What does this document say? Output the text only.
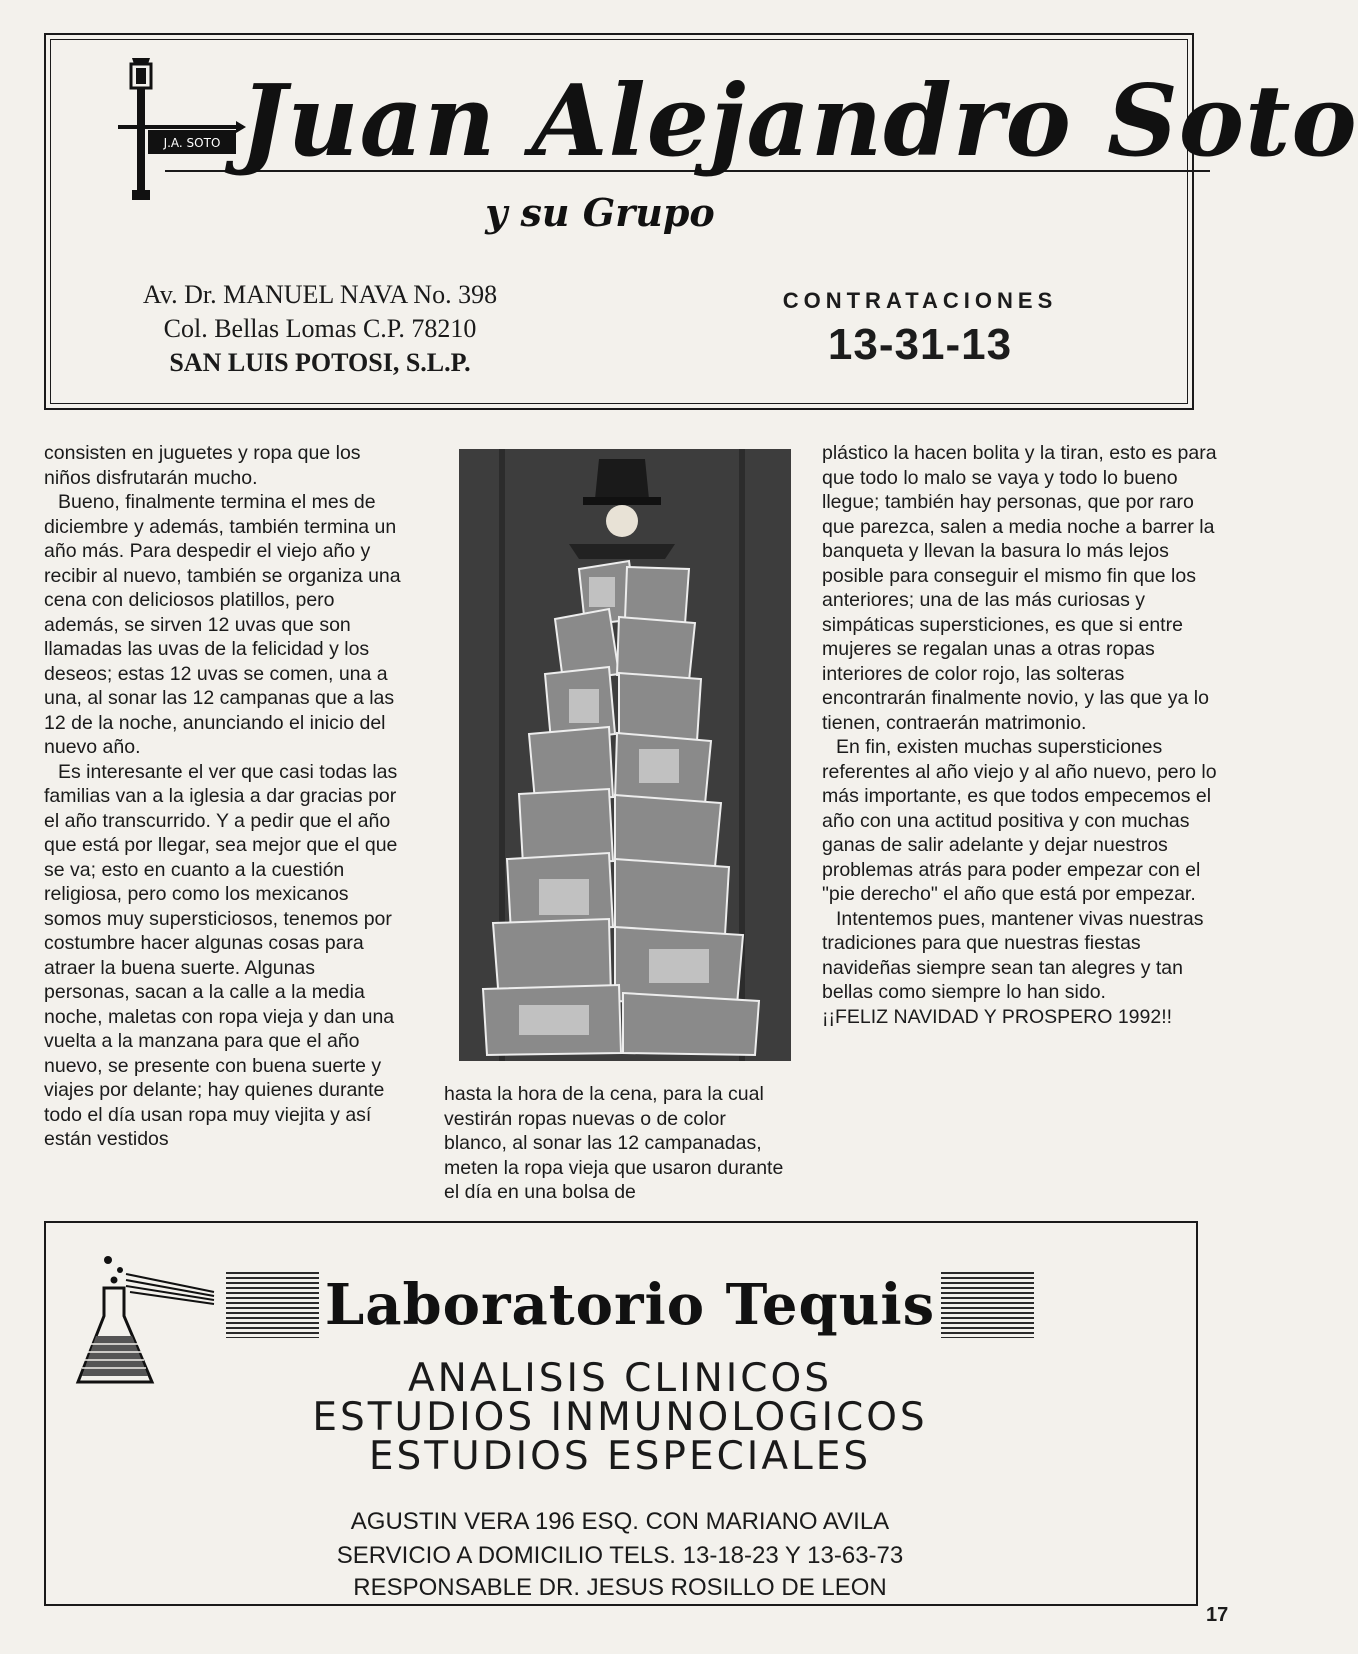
J.A. SOTO Juan Alejandro Soto
y su Grupo
Av. Dr. MANUEL NAVA No. 398
Col. Bellas Lomas C.P. 78210
SAN LUIS POTOSI, S.L.P.
CONTRATACIONES
13-31-13

consisten en juguetes y ropa que los niños disfrutarán mucho.

Bueno, finalmente termina el mes de diciembre y además, también termina un año más. Para despedir el viejo año y recibir al nuevo, también se organiza una cena con deliciosos platillos, pero además, se sirven 12 uvas que son llamadas las uvas de la felicidad y los deseos; estas 12 uvas se comen, una a una, al sonar las 12 campanas que a las 12 de la noche, anunciando el inicio del nuevo año.

Es interesante el ver que casi todas las familias van a la iglesia a dar gracias por el año transcurrido. Y a pedir que el año que está por llegar, sea mejor que el que se va; esto en cuanto a la cuestión religiosa, pero como los mexicanos somos muy supersticiosos, tenemos por costumbre hacer algunas cosas para atraer la buena suerte. Algunas personas, sacan a la calle a la media noche, maletas con ropa vieja y dan una vuelta a la manzana para que el año nuevo, se presente con buena suerte y viajes por delante; hay quienes durante todo el día usan ropa muy viejita y así están vestidos

hasta la hora de la cena, para la cual vestirán ropas nuevas o de color blanco, al sonar las 12 campanadas, meten la ropa vieja que usaron durante el día en una bolsa de

plástico la hacen bolita y la tiran, esto es para que todo lo malo se vaya y todo lo bueno llegue; también hay personas, que por raro que parezca, salen a media noche a barrer la banqueta y llevan la basura lo más lejos posible para conseguir el mismo fin que los anteriores; una de las más curiosas y simpáticas supersticiones, es que si entre mujeres se regalan unas a otras ropas interiores de color rojo, las solteras encontrarán finalmente novio, y las que ya lo tienen, contraerán matrimonio.

En fin, existen muchas supersticiones referentes al año viejo y al año nuevo, pero lo más importante, es que todos empecemos el año con una actitud positiva y con muchas ganas de salir adelante y dejar nuestros problemas atrás para poder empezar con el "pie derecho" el año que está por empezar.

Intentemos pues, mantener vivas nuestras tradiciones para que nuestras fiestas navideñas siempre sean tan alegres y tan bellas como siempre lo han sido.

¡¡FELIZ NAVIDAD Y PROSPERO 1992!!

Laboratorio Tequis
ANALISIS CLINICOS
ESTUDIOS INMUNOLOGICOS
ESTUDIOS ESPECIALES
AGUSTIN VERA 196 ESQ. CON MARIANO AVILA
SERVICIO A DOMICILIO TELS. 13-18-23 Y 13-63-73
RESPONSABLE DR. JESUS ROSILLO DE LEON
17
